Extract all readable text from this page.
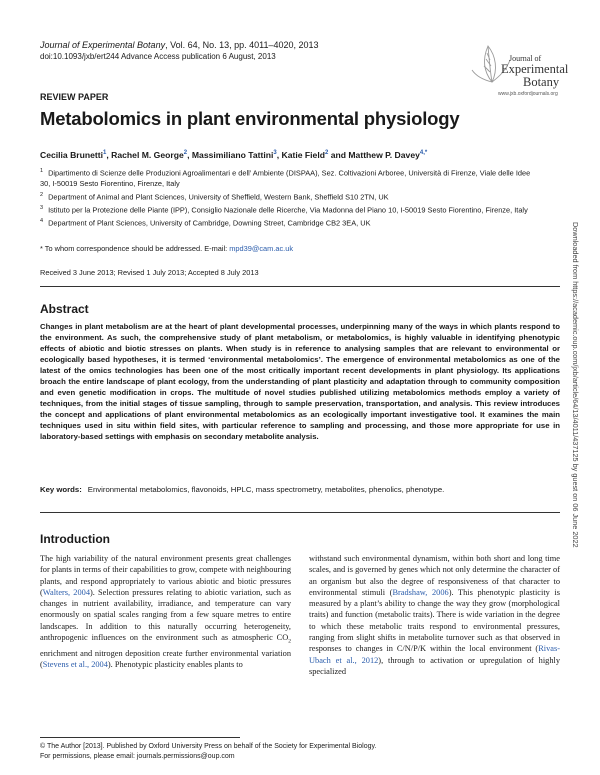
Journal of Experimental Botany, Vol. 64, No. 13, pp. 4011–4020, 2013
doi:10.1093/jxb/ert244 Advance Access publication 6 August, 2013	Journal of
Experimental
Botany
www.jxb.oxfordjournals.org
REVIEW PAPER
Metabolomics in plant environmental physiology
Cecilia Brunetti$^1$, Rachel M. George$^2$, Massimiliano Tattini$^3$, Katie Field$^2$ and Matthew P. Davey$^{4,*}$
$^1$ Dipartimento di Scienze delle Produzioni Agroalimentari e dell’ Ambiente (DISPAA), Sez. Coltivazioni Arboree, Università di Firenze, Viale delle Idee 30, I-50019 Sesto Fiorentino, Firenze, Italy
$^2$ Department of Animal and Plant Sciences, University of Sheffield, Western Bank, Sheffield S10 2TN, UK
$^3$ Istituto per la Protezione delle Piante (IPP), Consiglio Nazionale delle Ricerche, Via Madonna del Piano 10, I-50019 Sesto Fiorentino, Firenze, Italy
$^4$ Department of Plant Sciences, University of Cambridge, Downing Street, Cambridge CB2 3EA, UK
* To whom correspondence should be addressed. E-mail: mpd39@cam.ac.uk
Received 3 June 2013; Revised 1 July 2013; Accepted 8 July 2013
Abstract
Changes in plant metabolism are at the heart of plant developmental processes, underpinning many of the ways in which plants respond to the environment. As such, the comprehensive study of plant metabolism, or metabolomics, is highly valuable in identifying phenotypic effects of abiotic and biotic stresses on plants. When study is in reference to analysing samples that are relevant to environmental or ecologically based hypotheses, it is termed ‘environmental metabolomics’. The emergence of environmental metabolomics as one of the latest of the omics technologies has been one of the most critically important recent developments in plant physiology. Its applications broach the entire landscape of plant ecology, from the understanding of plant plasticity and adaptation through to community composition and even genetic modification in crops. The multitude of novel studies published utilizing metabolomics methods employ a variety of techniques, from the initial stages of tissue sampling, through to sample preservation, transportation, and analysis. This review introduces the concept and applications of plant environmental metabolomics as an ecologically important investigative tool. It examines the main techniques used in situ within field sites, with particular reference to sampling and processing, and those more appropriate for use in laboratory-based settings with emphasis on secondary metabolite analysis.
Key words: Environmental metabolomics, flavonoids, HPLC, mass spectrometry, metabolites, phenolics, phenotype.
Introduction

The high variability of the natural environment presents great challenges for plants in terms of their capabilities to grow, compete with neighbouring plants, and respond appropriately to various abiotic and biotic pressures (Walters, 2004). Selection pressures relating to abiotic variation, such as changes in nutrient availability, irradiance, and temperature can vary enormously on spatial scales ranging from a few square metres to entire landscapes. In addition to this naturally occurring heterogeneity, anthropogenic influences on the environment such as atmospheric $CO_2$ enrichment and nitrogen deposition create further environmental variation (Stevens et al., 2004). Phenotypic plasticity enables plants to

withstand such environmental dynamism, within both short and long time scales, and is governed by genes which not only determine the character of an organism but also the degree of responsiveness of that character to environmental stimuli (Bradshaw, 2006). This phenotypic plasticity is measured by a plant’s ability to change the way they grow (morphological traits) and function (metabolic traits). There is wide variation in the degree to which these metabolic traits respond to environmental pressures, ranging from slight shifts in metabolite turnover such as that observed in responses to changes in C/N/P/K within the local environment (Rivas-Ubach et al., 2012), through to activation or upregulation of highly specialized

© The Author [2013]. Published by Oxford University Press on behalf of the Society for Experimental Biology.
For permissions, please email: journals.permissions@oup.com
Downloaded from https://academic.oup.com/jxb/article/64/13/4011/437125 by guest on 06 June 2022
